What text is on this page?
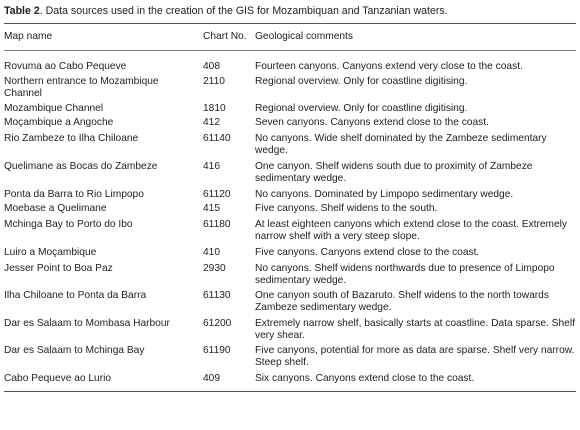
Table 2. Data sources used in the creation of the GIS for Mozambiquan and Tanzanian waters.
Map name	Chart No.	Geological comments
Rovuma ao Cabo Pequeve	408	Fourteen canyons. Canyons extend very close to the coast.
Northern entrance to Mozambique Channel	2110	Regional overview. Only for coastline digitising.
Mozambique Channel	1810	Regional overview. Only for coastline digitising.
Moçambique a Angoche	412	Seven canyons. Canyons extend close to the coast.
Rio Zambeze to Ilha Chiloane	61140	No canyons. Wide shelf dominated by the Zambeze sedimentary wedge.
Quelimane as Bocas do Zambeze	416	One canyon. Shelf widens south due to proximity of Zambeze sedimentary wedge.
Ponta da Barra to Rio Limpopo	61120	No canyons. Dominated by Limpopo sedimentary wedge.
Moebase a Quelimane	415	Five canyons. Shelf widens to the south.
Mchinga Bay to Porto do Ibo	61180	At least eighteen canyons which extend close to the coast. Extremely narrow shelf with a very steep slope.
Luiro a Moçambique	410	Five canyons. Canyons extend close to the coast.
Jesser Point to Boa Paz	2930	No canyons. Shelf widens northwards due to presence of Limpopo sedimentary wedge.
Ilha Chiloane to Ponta da Barra	61130	One canyon south of Bazaruto. Shelf widens to the north towards Zambeze sedimentary wedge.
Dar es Salaam to Mombasa Harbour	61200	Extremely narrow shelf, basically starts at coastline. Data sparse. Shelf very shear.
Dar es Salaam to Mchinga Bay	61190	Five canyons, potential for more as data are sparse. Shelf very narrow. Steep shelf.
Cabo Pequeve ao Lurio	409	Six canyons. Canyons extend close to the coast.
